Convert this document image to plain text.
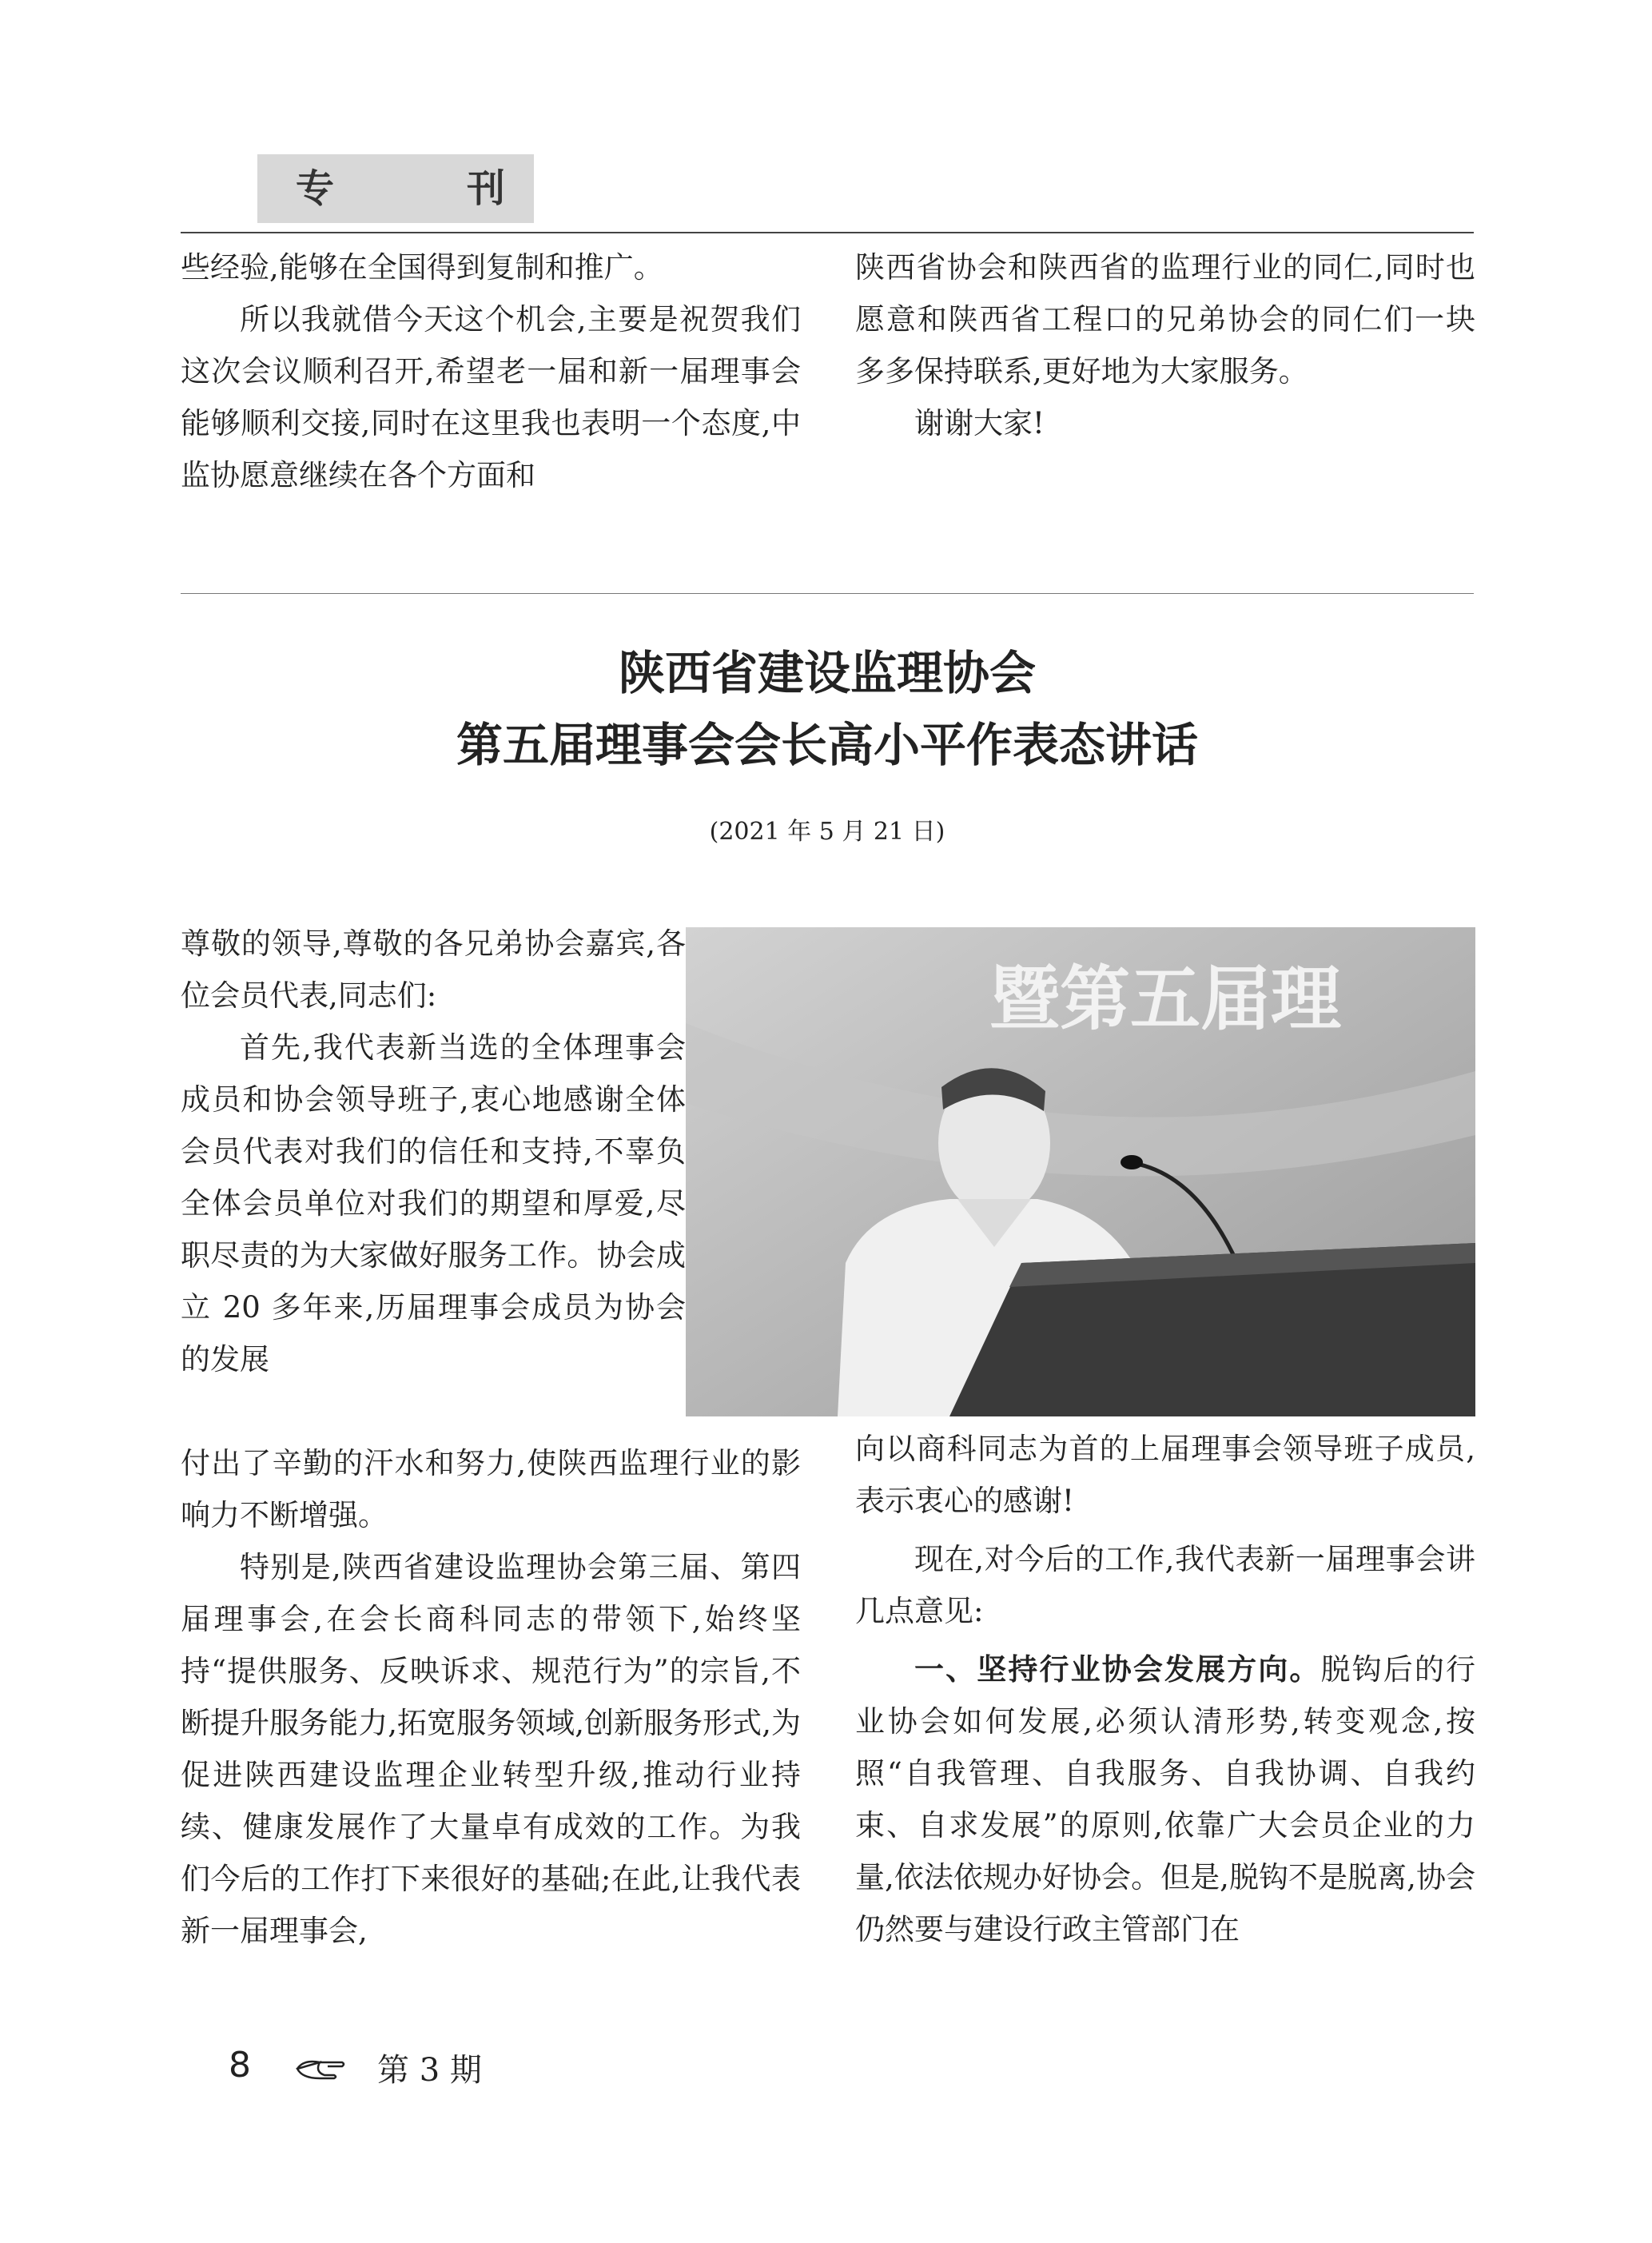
专	刊

些经验,能够在全国得到复制和推广。

所以我就借今天这个机会,主要是祝贺我们这次会议顺利召开,希望老一届和新一届理事会能够顺利交接,同时在这里我也表明一个态度,中监协愿意继续在各个方面和

陕西省协会和陕西省的监理行业的同仁,同时也愿意和陕西省工程口的兄弟协会的同仁们一块多多保持联系,更好地为大家服务。

谢谢大家!

陕西省建设监理协会
第五届理事会会长高小平作表态讲话
(2021 年 5 月 21 日)
暨第五届理

尊敬的领导,尊敬的各兄弟协会嘉宾,各位会员代表,同志们:

首先,我代表新当选的全体理事会成员和协会领导班子,衷心地感谢全体会员代表对我们的信任和支持,不辜负全体会员单位对我们的期望和厚爱,尽职尽责的为大家做好服务工作。协会成立 20 多年来,历届理事会成员为协会的发展

付出了辛勤的汗水和努力,使陕西监理行业的影响力不断增强。

特别是,陕西省建设监理协会第三届、第四届理事会,在会长商科同志的带领下,始终坚持“提供服务、反映诉求、规范行为”的宗旨,不断提升服务能力,拓宽服务领域,创新服务形式,为促进陕西建设监理企业转型升级,推动行业持续、健康发展作了大量卓有成效的工作。为我们今后的工作打下来很好的基础;在此,让我代表新一届理事会,

向以商科同志为首的上届理事会领导班子成员,表示衷心的感谢!

现在,对今后的工作,我代表新一届理事会讲几点意见:

一、坚持行业协会发展方向。脱钩后的行业协会如何发展,必须认清形势,转变观念,按照“自我管理、自我服务、自我协调、自我约束、自求发展”的原则,依靠广大会员企业的力量,依法依规办好协会。但是,脱钩不是脱离,协会仍然要与建设行政主管部门在

8	第 3 期
